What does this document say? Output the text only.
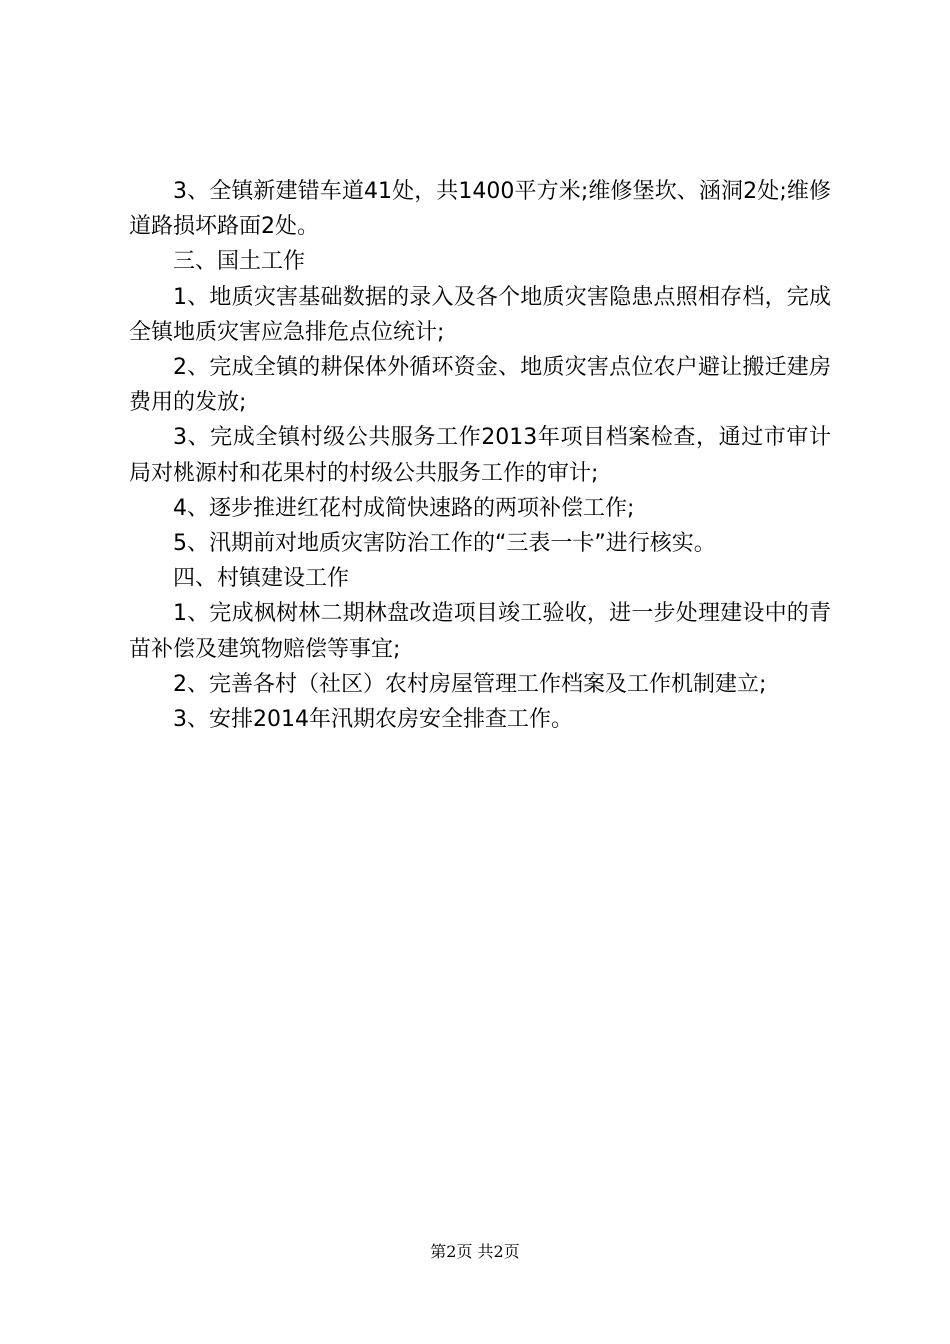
3、全镇新建错车道41处，共1400平方米;维修堡坎、涵洞2处;维修道路损坏路面2处。

三、国土工作

1、地质灾害基础数据的录入及各个地质灾害隐患点照相存档，完成全镇地质灾害应急排危点位统计;

2、完成全镇的耕保体外循环资金、地质灾害点位农户避让搬迁建房费用的发放;

3、完成全镇村级公共服务工作2013年项目档案检查，通过市审计局对桃源村和花果村的村级公共服务工作的审计;

4、逐步推进红花村成简快速路的两项补偿工作;

5、汛期前对地质灾害防治工作的“三表一卡”进行核实。

四、村镇建设工作

1、完成枫树林二期林盘改造项目竣工验收，进一步处理建设中的青苗补偿及建筑物赔偿等事宜;

2、完善各村（社区）农村房屋管理工作档案及工作机制建立;

3、安排2014年汛期农房安全排查工作。

第2页 共2页
